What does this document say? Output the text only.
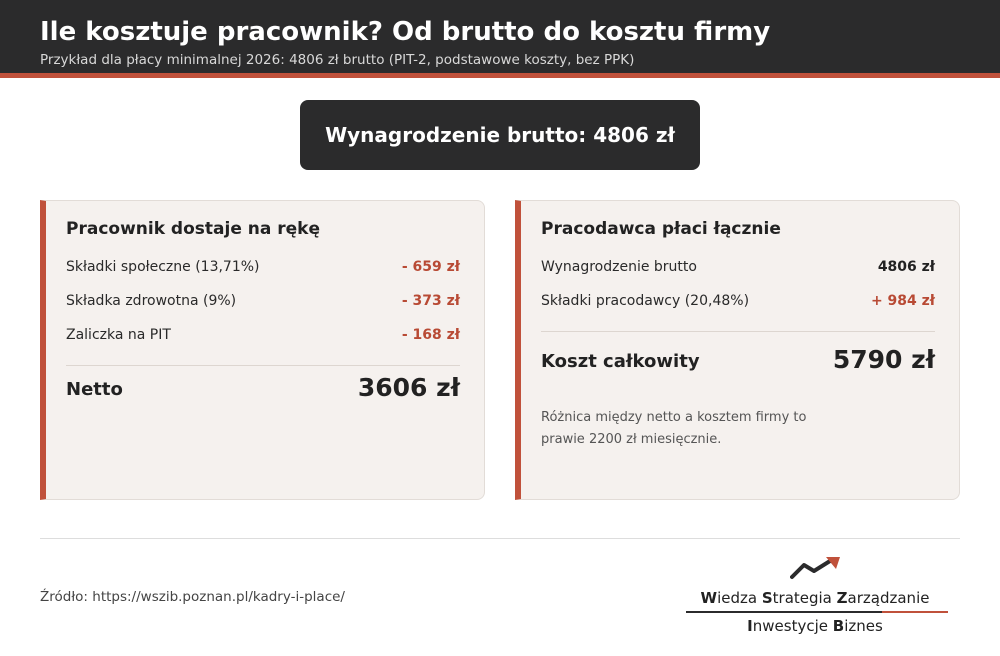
Ile kosztuje pracownik? Od brutto do kosztu firmy
Przykład dla płacy minimalnej 2026: 4806 zł brutto (PIT-2, podstawowe koszty, bez PPK)
Wynagrodzenie brutto: 4806 zł
Pracownik dostaje na rękę
Składki społeczne (13,71%)	- 659 zł
Składka zdrowotna (9%)	- 373 zł
Zaliczka na PIT	- 168 zł
Netto	3606 zł
Pracodawca płaci łącznie
Wynagrodzenie brutto	4806 zł
Składki pracodawcy (20,48%)	+ 984 zł
Koszt całkowity	5790 zł
Różnica między netto a kosztem firmy to prawie 2200 zł miesięcznie.
Źródło: https://wszib.poznan.pl/kadry-i-place/	Wiedza Strategia Zarządzanie
Inwestycje Biznes
